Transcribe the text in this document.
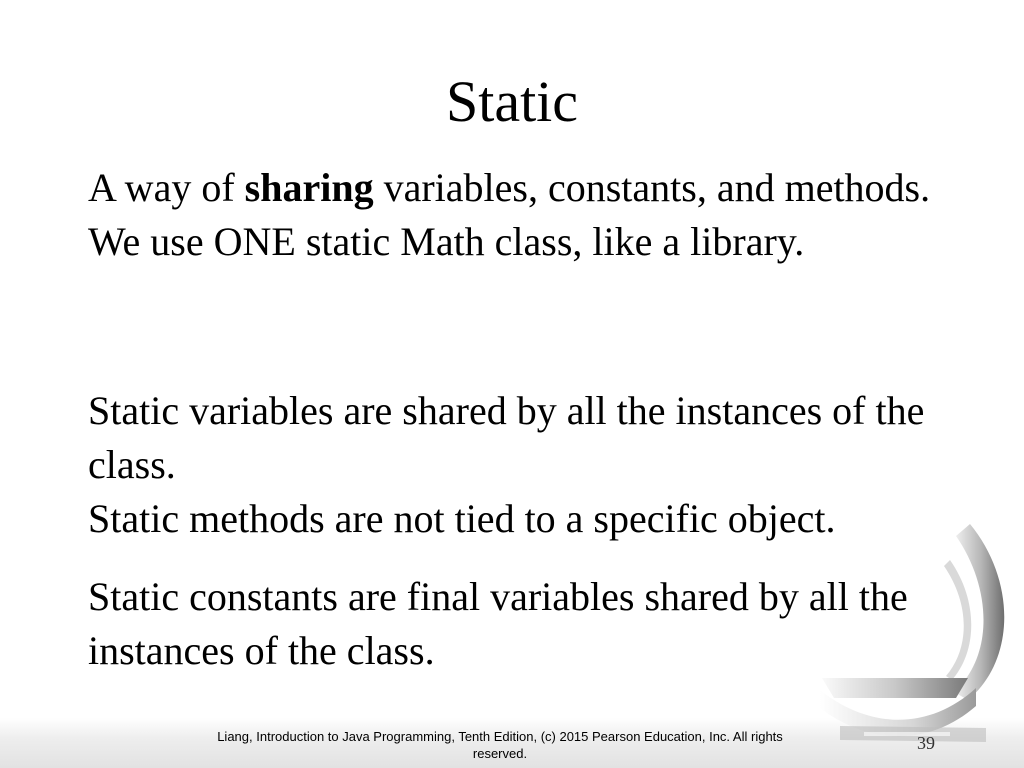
Static

A way of sharing variables, constants, and methods. We use ONE static Math class, like a library.

Static variables are shared by all the instances of the class.

Static methods are not tied to a specific object.

Static constants are final variables shared by all the instances of the class.

Liang, Introduction to Java Programming, Tenth Edition, (c) 2015 Pearson Education, Inc. All rights reserved.
39
